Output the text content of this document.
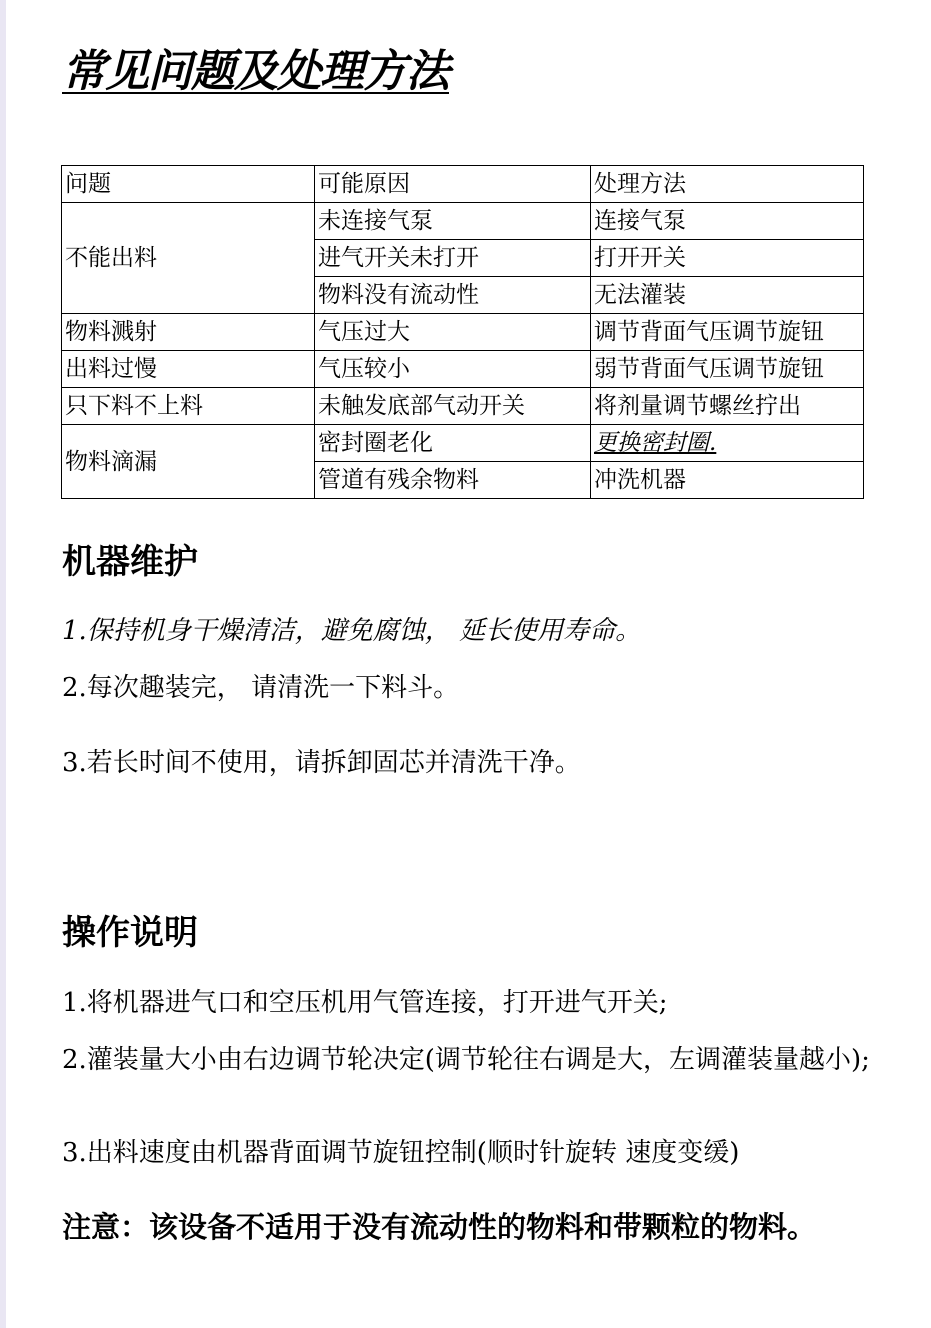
常见问题及处理方法
问题	可能原因	处理方法
不能出料	未连接气泵	连接气泵
	进气开关未打开	打开开关
	物料没有流动性	无法灌装
物料溅射	气压过大	调节背面气压调节旋钮
出料过慢	气压较小	弱节背面气压调节旋钮
只下料不上料	未触发底部气动开关	将剂量调节螺丝拧出
物料滴漏	密封圈老化	更换密封圈.
	管道有残余物料	冲洗机器
机器维护

1.保持机身干燥清洁，避免腐蚀， 延长使用寿命。

2.每次趣装完， 请清洗一下料斗。

3.若长时间不使用，请拆卸固芯并清洗干净。

操作说明

1.将机器进气口和空压机用气管连接，打开进气开关;

2.灌装量大小由右边调节轮决定(调节轮往右调是大，左调灌装量越小);

3.出料速度由机器背面调节旋钮控制(顺时针旋转 速度变缓)

注意：该设备不适用于没有流动性的物料和带颗粒的物料。
